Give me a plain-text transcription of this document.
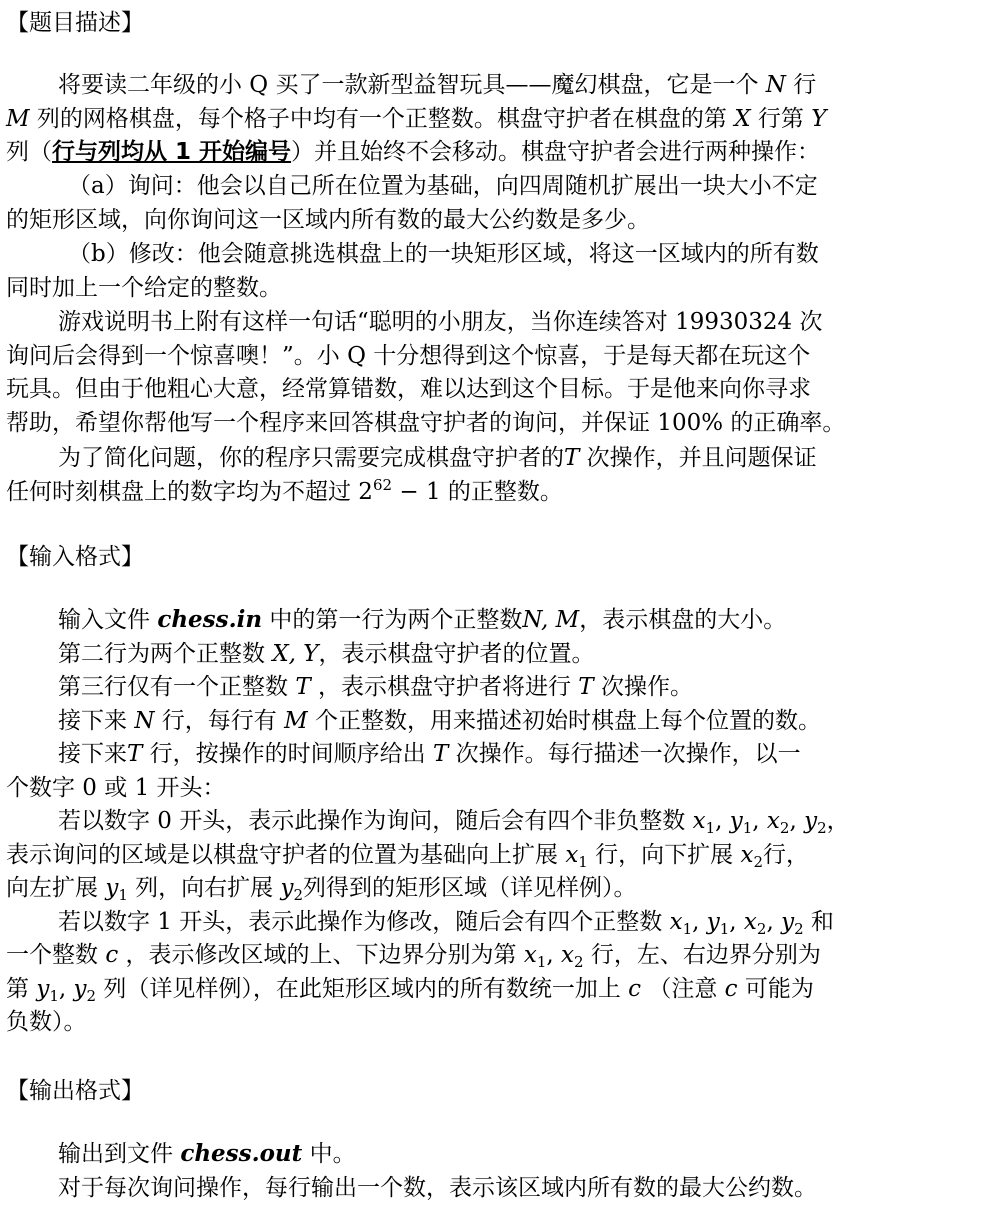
【题目描述】
将要读二年级的小 Q 买了一款新型益智玩具——魔幻棋盘，它是一个 N 行
M 列的网格棋盘，每个格子中均有一个正整数。棋盘守护者在棋盘的第 X 行第 Y
列（行与列均从 1 开始编号）并且始终不会移动。棋盘守护者会进行两种操作：
（a）询问：他会以自己所在位置为基础，向四周随机扩展出一块大小不定
的矩形区域，向你询问这一区域内所有数的最大公约数是多少。
（b）修改：他会随意挑选棋盘上的一块矩形区域，将这一区域内的所有数
同时加上一个给定的整数。
游戏说明书上附有这样一句话“聪明的小朋友，当你连续答对 19930324 次
询问后会得到一个惊喜噢！”。小 Q 十分想得到这个惊喜，于是每天都在玩这个
玩具。但由于他粗心大意，经常算错数，难以达到这个目标。于是他来向你寻求
帮助，希望你帮他写一个程序来回答棋盘守护者的询问，并保证 100% 的正确率。
为了简化问题，你的程序只需要完成棋盘守护者的T 次操作，并且问题保证
任何时刻棋盘上的数字均为不超过 $2^{62} - 1$ 的正整数。
【输入格式】
输入文件 chess.in 中的第一行为两个正整数N, M，表示棋盘的大小。
第二行为两个正整数 X, Y，表示棋盘守护者的位置。
第三行仅有一个正整数 T ，表示棋盘守护者将进行 T 次操作。
接下来 N 行，每行有 M 个正整数，用来描述初始时棋盘上每个位置的数。
接下来T 行，按操作的时间顺序给出 T 次操作。每行描述一次操作，以一
个数字 0 或 1 开头：
若以数字 0 开头，表示此操作为询问，随后会有四个非负整数 $x_1$, $y_1$, $x_2$, $y_2$，
表示询问的区域是以棋盘守护者的位置为基础向上扩展 $x_1$ 行，向下扩展 $x_2$行，
向左扩展 $y_1$ 列，向右扩展 $y_2$列得到的矩形区域（详见样例）。
若以数字 1 开头，表示此操作为修改，随后会有四个正整数 $x_1$, $y_1$, $x_2$, $y_2$ 和
一个整数 c ，表示修改区域的上、下边界分别为第 $x_1$, $x_2$ 行，左、右边界分别为
第 $y_1$, $y_2$ 列（详见样例），在此矩形区域内的所有数统一加上 c （注意 c 可能为
负数）。
【输出格式】
输出到文件 chess.out 中。
对于每次询问操作，每行输出一个数，表示该区域内所有数的最大公约数。
